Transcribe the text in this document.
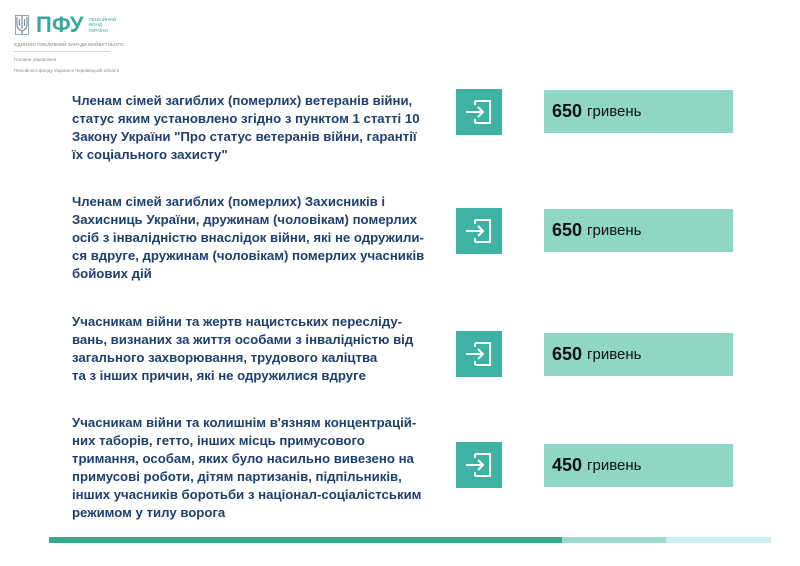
ПФУ ПЕНСІЙНИЙ
ФОНД
УКРАЇНИ
ЄДИНОЮ ПОКЛИКНИЙ ЗАРАДИ МАЙБУТНЬОГО
Головне управління
Пенсійного фонду України в Чернівецькій області
Членам сімей загиблих (померлих) ветеранів війни,
статус яким установлено згідно з пунктом 1 статті 10
Закону України "Про статус ветеранів війни, гарантії
їх соціального захисту"
650 гривень
Членам сімей загиблих (померлих) Захисників і
Захисниць України, дружинам (чоловікам) померлих
осіб з інвалідністю внаслідок війни, які не одружили-
ся вдруге, дружинам (чоловікам) померлих учасників
бойових дій
650 гривень
Учасникам війни та жертв нацистських переслiду-
вань, визнаних за життя особами з інвалідністю від
загального захворювання, трудового каліцтва
та з інших причин, які не одружилися вдруге
650 гривень
Учасникам війни та колишнім в'язням концентрацій-
них таборів, гетто, інших місць примусового
тримання, особам, яких було насильно вивезено на
примусові роботи, дітям партизанів, підпільників,
інших учасників боротьби з націонал-соціалістським
режимом у тилу ворога
450 гривень
